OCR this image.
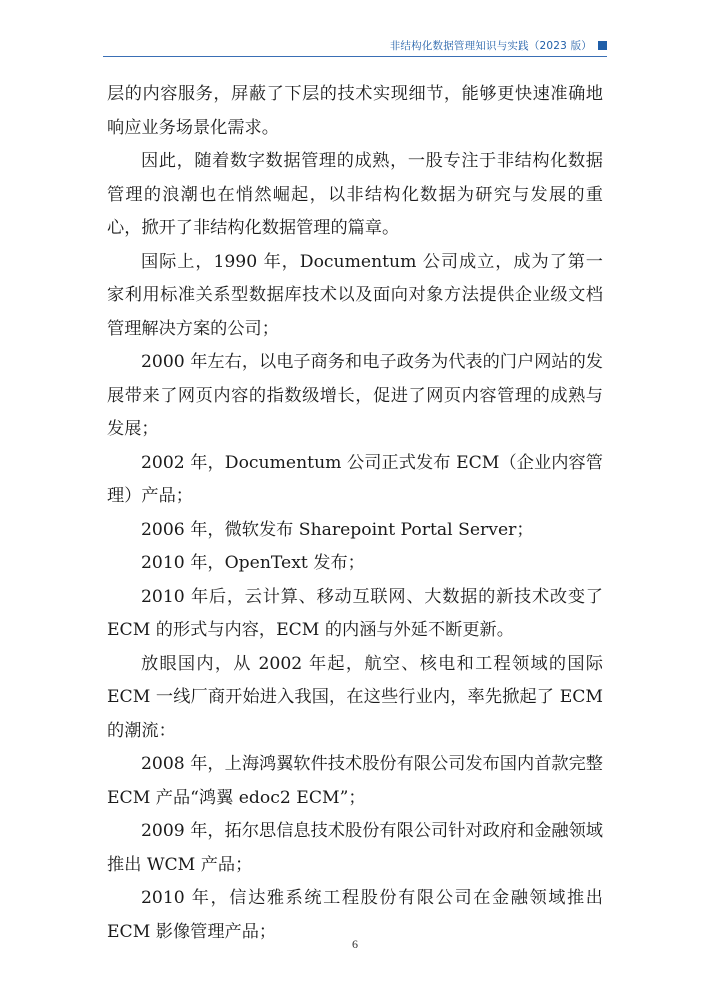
非结构化数据管理知识与实践（2023 版）

层的内容服务，屏蔽了下层的技术实现细节，能够更快速准确地响应业务场景化需求。

因此，随着数字数据管理的成熟，一股专注于非结构化数据管理的浪潮也在悄然崛起，以非结构化数据为研究与发展的重心，掀开了非结构化数据管理的篇章。

国际上，1990 年，Documentum 公司成立，成为了第一家利用标准关系型数据库技术以及面向对象方法提供企业级文档管理解决方案的公司；

2000 年左右，以电子商务和电子政务为代表的门户网站的发展带来了网页内容的指数级增长，促进了网页内容管理的成熟与发展；

2002 年，Documentum 公司正式发布 ECM（企业内容管理）产品；

2006 年，微软发布 Sharepoint Portal Server；

2010 年，OpenText 发布；

2010 年后，云计算、移动互联网、大数据的新技术改变了 ECM 的形式与内容，ECM 的内涵与外延不断更新。

放眼国内，从 2002 年起，航空、核电和工程领域的国际 ECM 一线厂商开始进入我国，在这些行业内，率先掀起了 ECM 的潮流：

2008 年，上海鸿翼软件技术股份有限公司发布国内首款完整 ECM 产品“鸿翼 edoc2 ECM”；

2009 年，拓尔思信息技术股份有限公司针对政府和金融领域推出 WCM 产品；

2010 年，信达雅系统工程股份有限公司在金融领域推出 ECM 影像管理产品；

6
